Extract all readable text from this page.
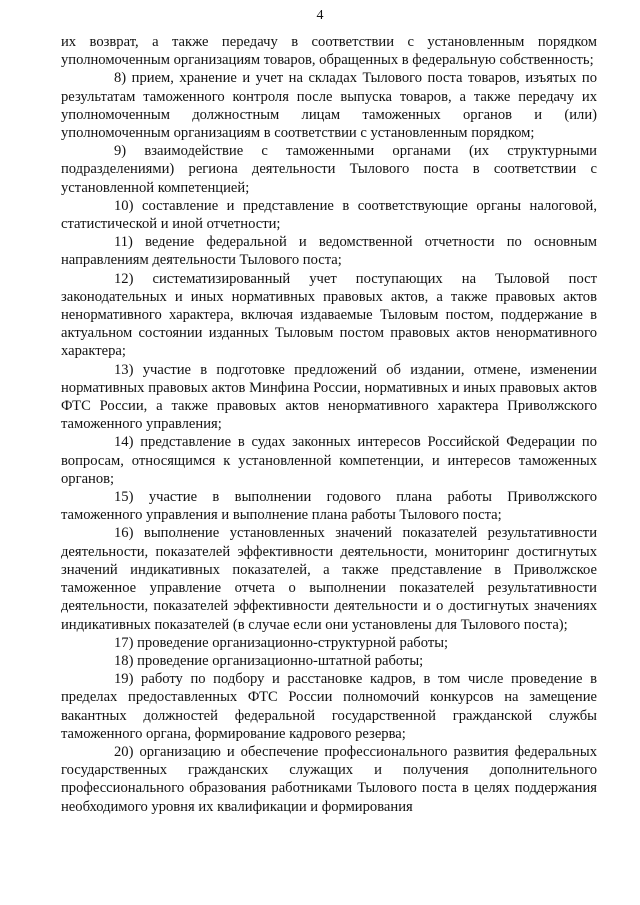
4

их возврат, а также передачу в соответствии с установленным порядком уполномоченным организациям товаров, обращенных в федеральную собственность;

8) прием, хранение и учет на складах Тылового поста товаров, изъятых по результатам таможенного контроля после выпуска товаров, а также передачу их уполномоченным должностным лицам таможенных органов и (или) уполномоченным организациям в соответствии с установленным порядком;

9) взаимодействие с таможенными органами (их структурными подразделениями) региона деятельности Тылового поста в соответствии с установленной компетенцией;

10) составление и представление в соответствующие органы налоговой, статистической и иной отчетности;

11) ведение федеральной и ведомственной отчетности по основным направлениям деятельности Тылового поста;

12) систематизированный учет поступающих на Тыловой пост законодательных и иных нормативных правовых актов, а также правовых актов ненормативного характера, включая издаваемые Тыловым постом, поддержание в актуальном состоянии изданных Тыловым постом правовых актов ненормативного характера;

13) участие в подготовке предложений об издании, отмене, изменении нормативных правовых актов Минфина России, нормативных и иных правовых актов ФТС России, а также правовых актов ненормативного характера Приволжского таможенного управления;

14) представление в судах законных интересов Российской Федерации по вопросам, относящимся к установленной компетенции, и интересов таможенных органов;

15) участие в выполнении годового плана работы Приволжского таможенного управления и выполнение плана работы Тылового поста;

16) выполнение установленных значений показателей результативности деятельности, показателей эффективности деятельности, мониторинг достигнутых значений индикативных показателей, а также представление в Приволжское таможенное управление отчета о выполнении показателей результативности деятельности, показателей эффективности деятельности и о достигнутых значениях индикативных показателей (в случае если они установлены для Тылового поста);

17) проведение организационно-структурной работы;

18) проведение организационно-штатной работы;

19) работу по подбору и расстановке кадров, в том числе проведение в пределах предоставленных ФТС России полномочий конкурсов на замещение вакантных должностей федеральной государственной гражданской службы таможенного органа, формирование кадрового резерва;

20) организацию и обеспечение профессионального развития федеральных государственных гражданских служащих и получения дополнительного профессионального образования работниками Тылового поста в целях поддержания необходимого уровня их квалификации и формирования
